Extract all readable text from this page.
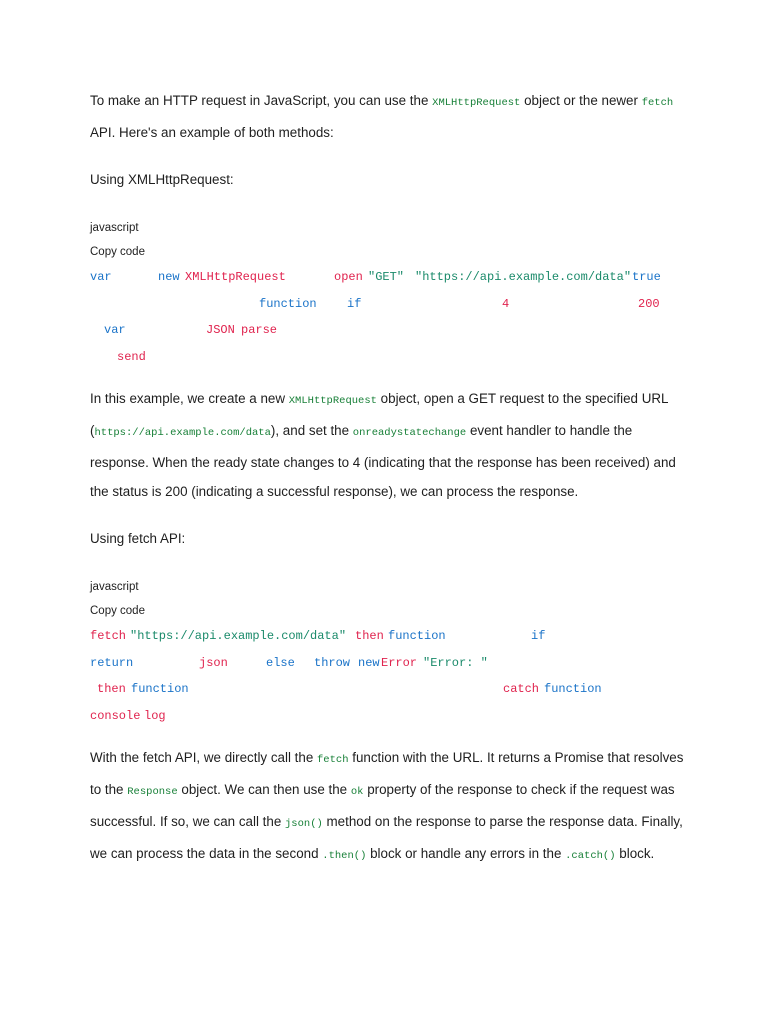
To make an HTTP request in JavaScript, you can use the XMLHttpRequest object or the newer fetch
API. Here's an example of both methods:

Using XMLHttpRequest:

javascript

Copy code

var	new XMLHttpRequest	open "GET" "https://api.example.com/data" true
function	if	4	200
var	JSON parse
send

In this example, we create a new XMLHttpRequest object, open a GET request to the specified URL
(https://api.example.com/data), and set the onreadystatechange event handler to handle the
response. When the ready state changes to 4 (indicating that the response has been received) and
the status is 200 (indicating a successful response), we can process the response.

Using fetch API:

javascript

Copy code

fetch "https://api.example.com/data" then function	if
return	json	else throw new Error "Error: "
then function	catch function
console log

With the fetch API, we directly call the fetch function with the URL. It returns a Promise that resolves
to the Response object. We can then use the ok property of the response to check if the request was
successful. If so, we can call the json() method on the response to parse the response data. Finally,
we can process the data in the second .then() block or handle any errors in the .catch() block.
